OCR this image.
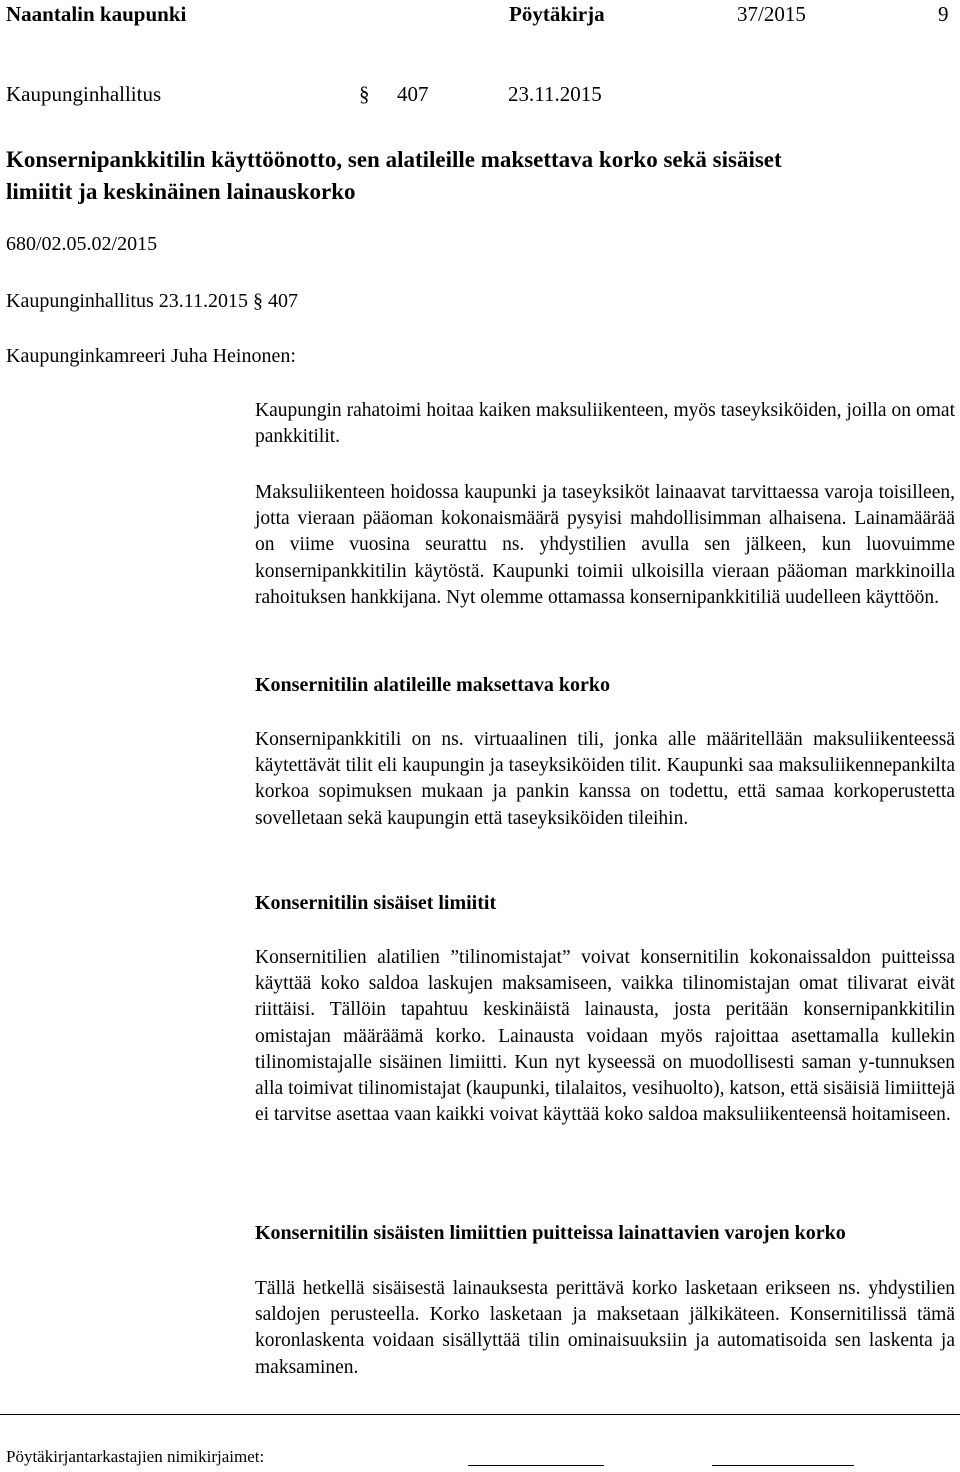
Naantalin kaupunki	Pöytäkirja	37/2015	9
Kaupunginhallitus	§ 407	23.11.2015
Konsernipankkitilin käyttöönotto, sen alatileille maksettava korko sekä sisäiset
limiitit ja keskinäinen lainauskorko
680/02.05.02/2015
Kaupunginhallitus 23.11.2015 § 407
Kaupunginkamreeri Juha Heinonen:
Kaupungin rahatoimi hoitaa kaiken maksuliikenteen, myös taseyksiköiden, joilla on omat pankkitilit.
Maksuliikenteen hoidossa kaupunki ja taseyksiköt lainaavat tarvittaessa varoja toisilleen, jotta vieraan pääoman kokonaismäärä pysyisi mahdollisimman alhaisena. Lainamäärää on viime vuosina seurattu ns. yhdystilien avulla sen jälkeen, kun luovuimme konsernipankkitilin käytöstä. Kaupunki toimii ulkoisilla vieraan pääoman markkinoilla rahoituksen hankkijana. Nyt olemme ottamassa konsernipankkitiliä uudelleen käyttöön.
Konsernitilin alatileille maksettava korko
Konsernipankkitili on ns. virtuaalinen tili, jonka alle määritellään maksuliikenteessä käytettävät tilit eli kaupungin ja taseyksiköiden tilit. Kaupunki saa maksuliikennepankilta korkoa sopimuksen mukaan ja pankin kanssa on todettu, että samaa korkoperustetta sovelletaan sekä kaupungin että taseyksiköiden tileihin.
Konsernitilin sisäiset limiitit
Konsernitilien alatilien ”tilinomistajat” voivat konsernitilin kokonaissaldon puitteissa käyttää koko saldoa laskujen maksamiseen, vaikka tilinomistajan omat tilivarat eivät riittäisi. Tällöin tapahtuu keskinäistä lainausta, josta peritään konsernipankkitilin omistajan määräämä korko. Lainausta voidaan myös rajoittaa asettamalla kullekin tilinomistajalle sisäinen limiitti. Kun nyt kyseessä on muodollisesti saman y-tunnuksen alla toimivat tilinomistajat (kaupunki, tilalaitos, vesihuolto), katson, että sisäisiä limiittejä ei tarvitse asettaa vaan kaikki voivat käyttää koko saldoa maksuliikenteensä hoitamiseen.
Konsernitilin sisäisten limiittien puitteissa lainattavien varojen korko
Tällä hetkellä sisäisestä lainauksesta perittävä korko lasketaan erikseen ns. yhdystilien saldojen perusteella. Korko lasketaan ja maksetaan jälkikäteen. Konsernitilissä tämä koronlaskenta voidaan sisällyttää tilin ominaisuuksiin ja automatisoida sen laskenta ja maksaminen.
Pöytäkirjantarkastajien nimikirjaimet:
